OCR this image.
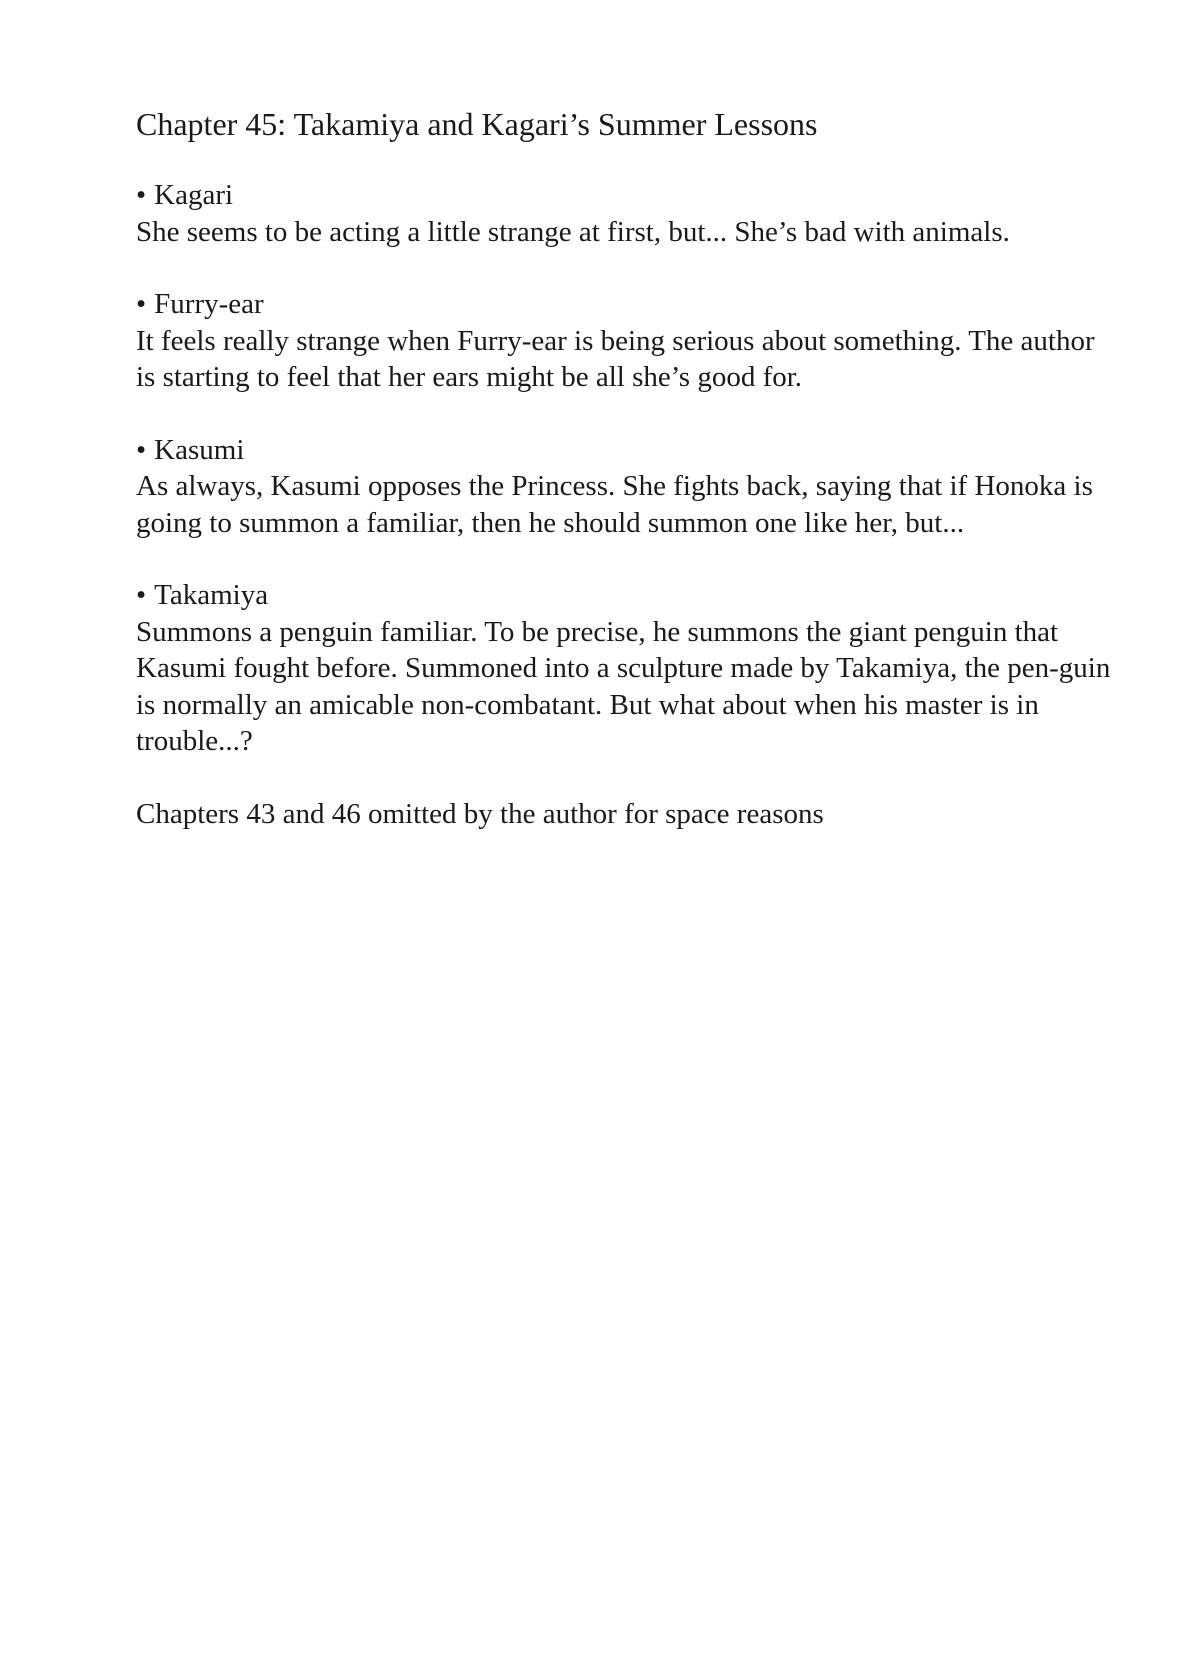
Chapter 45: Takamiya and Kagari’s Summer Lessons
• Kagari

She seems to be acting a little strange at first, but... She’s bad with animals.

• Furry-ear

It feels really strange when Furry-ear is being serious about something. The author is starting to feel that her ears might be all she’s good for.

• Kasumi

As always, Kasumi opposes the Princess. She fights back, saying that if Honoka is going to summon a familiar, then he should summon one like her, but...

• Takamiya

Summons a penguin familiar. To be precise, he summons the giant penguin that Kasumi fought before. Summoned into a sculpture made by Takamiya, the pen-guin is normally an amicable non-combatant. But what about when his master is in trouble...?

Chapters 43 and 46 omitted by the author for space reasons
